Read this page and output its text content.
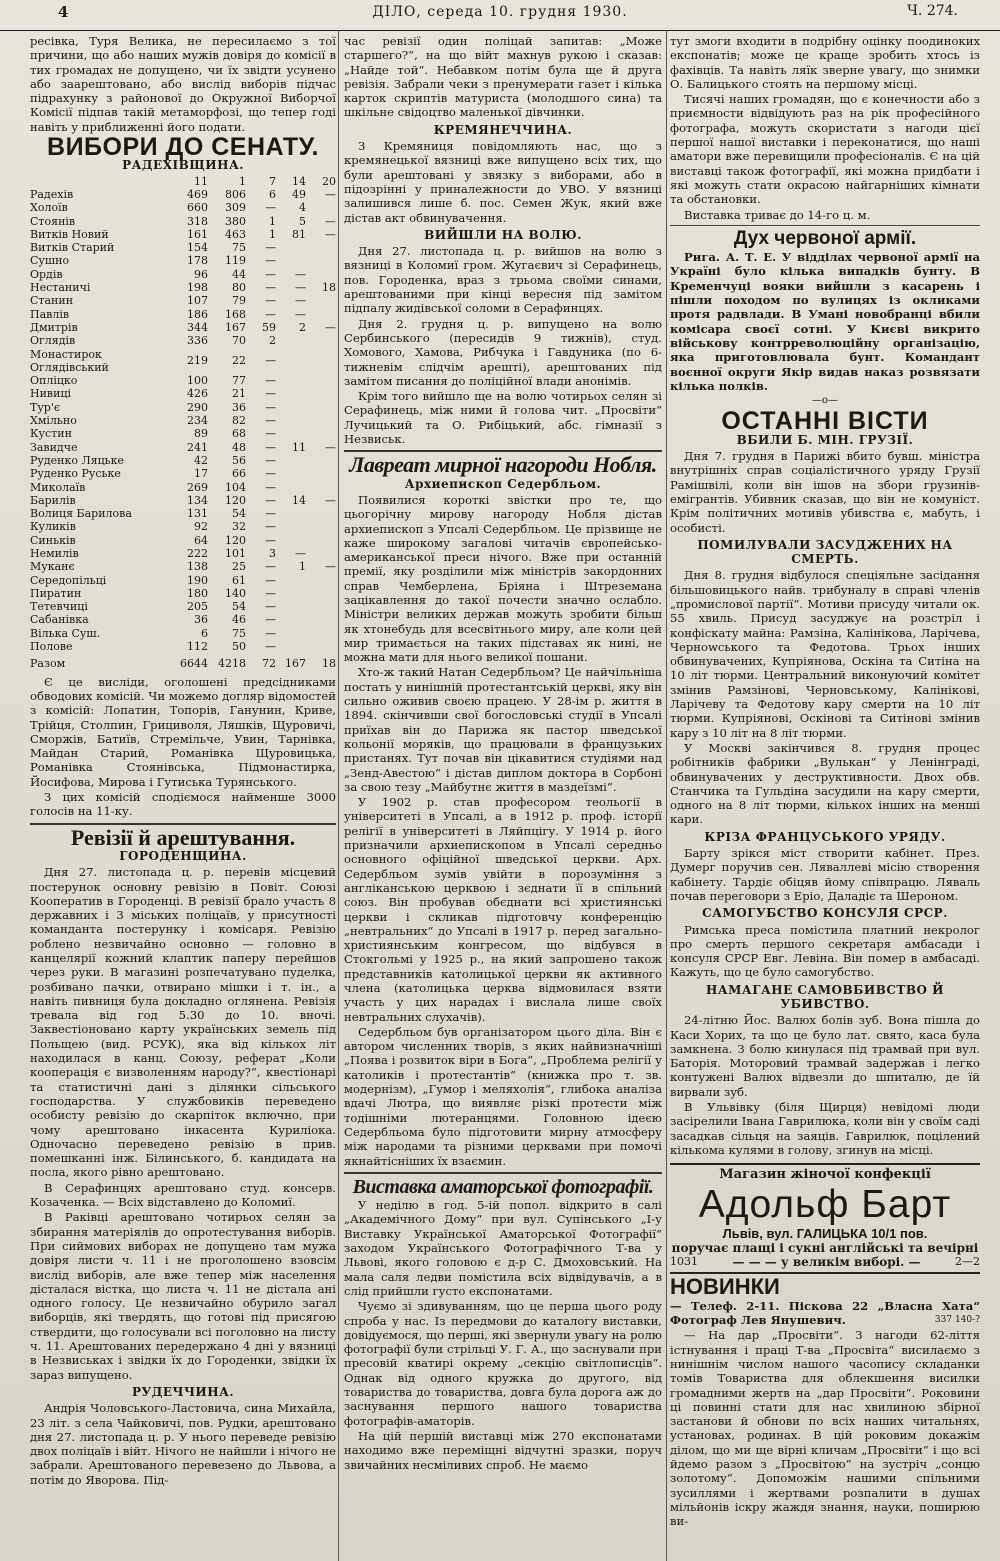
4	ДІЛО, середа 10. грудня 1930.	Ч. 274.

ресівка, Туря Велика, не пересилаємо з тої причини, що або наших мужів довіря до комісії в тих громадах не допущено, чи їх звідти усунено або заарештовано, або вислід виборів підчас підрахунку з районової до Окружної Виборчої Комісії підпав такій метаморфозі, що тепер годі навіть у приближенні його подати.

ВИБОРИ ДО СЕНАТУ.
РАДЕХІВЩИНА.
	11	1	7	14	20
Радехів	469	806	6	49	—
Холоїв	660	309	—	4	
Стоянів	318	380	1	5	—
Витків Новий	161	463	1	81	—
Витків Старий	154	75	—		
Сушно	178	119	—		
Ордів	96	44	—	—	
Нестаничі	198	80	—	—	18
Станин	107	79	—	—	
Павлів	186	168	—	—	
Дмитрів	344	167	59	2	—
Оглядів	336	70	2		
Монастирок Оглядівський	219	22	—		
Опліцко	100	77	—		
Нивиці	426	21	—		
Тур'є	290	36	—		
Хмільно	234	82	—		
Кустин	89	68	—		
Завидче	241	48	—	11	—
Руденко Ляцьке	42	56	—		
Руденко Руське	17	66	—		
Миколаїв	269	104	—		
Барилів	134	120	—	14	—
Волиця Барилова	131	54	—		
Куликів	92	32	—		
Синьків	64	120	—		
Немилів	222	101	3	—	
Муканє	138	25	—	1	—
Середопільці	190	61	—		
Пиратин	180	140	—		
Тетевчиці	205	54	—		
Сабанівка	36	46	—		
Вілька Суш.	6	75	—		
Полове	112	50	—		
Разом	6644	4218	72	167	18

Є це висліди, оголошені предсідниками обводових комісій. Чи можемо догляр відомостей з комісій: Лопатин, Топорів, Ганунин, Криве, Трійця, Столпин, Грициволя, Ляшків, Щуровичі, Сморжів, Батиїв, Стремільче, Увин, Тарнівка, Майдан Старий, Романівка Щуровицька, Романівка Стоянівська, Підмонастирка, Йосифова, Мирова і Гутиська Турянського.

З цих комісій сподіємося найменше 3000 голосів на 11-ку.

Ревізії й арештування.
ГОРОДЕНЩИНА.

Дня 27. листопада ц. р. перевів місцевий постерунок основну ревізію в Повіт. Союзі Кооператив в Городенці. В ревізії брало участь 8 державних і 3 міських поліцаїв, у присутності команданта постерунку і комісаря. Ревізію роблено незвичайно основно — головно в канцелярії кожний клаптик паперу перейшов через руки. В магазині розпечатувано пуделка, розбивано пачки, отвирано мішки і т. ін., а навіть пивниця була докладно оглянена. Ревізія тревала від год 5.30 до 10. вночі. Заквестіоновано карту українських земель під Польщею (вид. РСУК), яка від кількох літ находилася в канц. Союзу, реферат „Коли кооперація є визволенням народу?“, квестіонарі та статистичні дані з ділянки сільського господарства. У службовиків переведено особисту ревізію до скарпіток включно, при чому арештовано інкасента Куриліока. Одночасно переведено ревізію в прив. помешканні інж. Білинського, б. кандидата на посла, якого рівно арештовано.

В Серафинцях арештовано студ. консерв. Козаченка. — Всіх відставлено до Коломиї.

В Раківці арештовано чотирьох селян за збирання матеріялів до опротестування виборів. При сиймових виборах не допущено там мужа довіря листи ч. 11 і не проголошено взовсім вислід виборів, але вже тепер між населення дісталася вістка, що листа ч. 11 не дістала ані одного голосу. Це незвичайно обурило загал виборців, які твердять, що готові під присягою ствердити, що голосували всі поголовно на листу ч. 11. Арештованих передержано 4 дні у вязниці в Незвиськах і звідки їх до Городенки, звідки їх зараз випущено.

РУДЕЧЧИНА.

Андрія Чоловського-Ластовича, сина Михайла, 23 літ. з села Чайковичі, пов. Рудки, арештовано дня 27. листопада ц. р. У нього переведе ревізію двох поліцаїв і війт. Нічого не найшли і нічого не забрали. Арештованого перевезено до Львова, а потім до Яворова. Під-

час ревізії один поліцай запитав: „Може старшего?“, на що війт махнув рукою і сказав: „Найде той“. Небавком потім була ще й друга ревізія. Забрали чеки з пренумерати газет і кілька карток скриптів матуриста (молодшого сина) та шкільне свідоцтво маленької дівчинки.

КРЕМЯНЕЧЧИНА.

З Кремяниця повідомляють нас, що з кремянецької вязниці вже випущено всіх тих, що були арештовані у звязку з виборами, або в підозрінні у приналежности до УВО. У вязниці залишився лише б. пос. Семен Жук, який вже дістав акт обвинувачення.

ВИЙШЛИ НА ВОЛЮ.

Дня 27. листопада ц. р. вийшов на волю з вязниці в Коломиї гром. Жугаєвич зі Серафинець, пов. Городенка, враз з трьома своїми синами, арештованими при кінці вересня під замітом підпалу жидівської соломи в Серафинцях.

Дня 2. грудня ц. р. випущено на волю Сербинського (пересидів 9 тижнів), студ. Хомового, Хамова, Рибчука і Гавдуника (по 6-тижневім слідчім арешті), арештованих під замітом писання до поліційної влади анонімів.

Крім того вийшло ще на волю чотирьох селян зі Серафинець, між ними й голова чит. „Просвіти“ Лучицький та О. Рибіцький, абс. гімназії з Незвиськ.

Лавреат мирної нагороди Нобля.
Архиепископ Седербльом.

Появилися короткі звістки про те, що цьогорічну мирову нагороду Нобля дістав архиепископ з Упсалі Седербльом. Це прізвище не каже широкому загалові читачів європейсько-американської преси нічого. Вже при останній премії, яку розділили між міністрів закордонних справ Чемберлена, Бріяна і Штреземана зацікавлення до такої почести значно ослабло. Міністри великих держав можуть зробити більш як хтонебудь для всесвітнього миру, але коли цей мир тримається на таких підставах як нині, не можна мати для нього великої пошани.

Хто-ж такий Натан Седербльом? Це найчільніша постать у нинішній протестантській церкві, яку він сильно оживив своєю працею. У 28-ім р. життя в 1894. скінчивши свої богословські студії в Упсалі приїхав він до Парижа як пастор шведської кольонії моряків, що працювали в французьких пристанях. Тут почав він цікавитися студіями над „Зенд-Авестою“ і дістав диплом доктора в Сорбоні за свою тезу „Майбутнє життя в маздеїзмі“.

У 1902 р. став професором теольогії в університеті в Упсалі, а в 1912 р. проф. історії релігії в університеті в Ляйпцігу. У 1914 р. його призначили архиепископом в Упсалі середньо основного офіційної шведської церкви. Арх. Седербльом зумів увійти в порозуміння з англіканською церквою і зєднати її в спільний союз. Він пробував обєднати всі християнські церкви і скликав підготовчу конференцію „невтральних“ до Упсалі в 1917 р. перед загально-християнським конгресом, що відбувся в Стокгольмі у 1925 р., на який запрошено також представників католицької церкви як активного члена (католицька церква відмовилася взяти участь у цих нарадах і вислала лише своїх невтральних слухачів).

Седербльом був організатором цього діла. Він є автором численних творів, з яких найвизначніші „Поява і розвиток віри в Бога“, „Проблема релігії у католиків і протестантів“ (книжка про т. зв. модернізм), „Гумор і меляхолія“, глибока аналіза вдачі Лютра, що виявляє різкі протести між тодішніми лютеранцями. Головною ідеєю Седербльома було підготовити мирну атмосферу між народами та різними церквами при помочі якнайтісніших їх взаємин.

Виставка аматорської фотографії.

У неділю в год. 5-ій попол. відкрито в салі „Академічного Дому“ при вул. Супінського „І-у Виставку Української Аматорської Фотографії“ заходом Українського Фотографічного Т-ва у Львові, якого головою є д-р С. Дмоховський. На мала саля ледви помістила всіх відвідувачів, а в слід прийшли густо експонатами.

Чуємо зі здивуванням, що це перша цього роду спроба у нас. Із передмови до каталогу виставки, довідуємося, що перші, які звернули увагу на ролю фотографії були стрільці У. Г. А., що заснували при пресовій кватирі окрему „секцію світлописців“. Однак від одного кружка до другого, від товариства до товариства, довга була дорога аж до заснування першого нашого товариства фотографів-аматорів.

На цій першій виставці між 270 експонатами находимо вже переміщні відчутні зразки, поруч звичайних несміливих спроб. Не маємо

тут змоги входити в подрібну оцінку поодиноких експонатів; може це краще зробить хтось із фахівців. Та навіть ляїк зверне увагу, що знимки О. Балицького стоять на першому місці.

Тисячі наших громадян, що є конечности або з приємности відвідують раз на рік професійного фотографа, можуть скористати з нагоди цієї першої нашої виставки і переконатися, що наші аматори вже перевищили професіоналів. Є на цій виставці також фотографії, які можна придбати і які можуть стати окрасою найгарніших кімнати та обстановки.

Виставка триває до 14-го ц. м.

Дух червоної армії.

Рига. А. Т. Е. У відділах червоної армії на Україні було кілька випадків бунту. В Кременчуці вояки вийшли з касарень і пішли походом по вулицях із окликами протя радвлади. В Умані новобранці вбили комісара своєї сотні. У Києві викрито військову контрреволюційну організацію, яка приготовлювала бунт. Командант воєнної округи Якір видав наказ розвязати кілька полків.

—o—
ОСТАННІ ВІСТИ
ВБИЛИ Б. МІН. ГРУЗІЇ.

Дня 7. грудня в Парижі вбито бувш. міністра внутрішніх справ соціалістичного уряду Грузії Рамішвілі, коли він ішов на збори грузинів-емігрантів. Убивник сказав, що він не комуніст. Крім політичних мотивів убивства є, мабуть, і особисті.

ПОМИЛУВАЛИ ЗАСУДЖЕНИХ НА СМЕРТЬ.

Дня 8. грудня відбулося спеціяльне засідання більшовицького найв. трибуналу в справі членів „промислової партії“. Мотиви присуду читали ок. 55 хвиль. Присуд засуджує на розстріл і конфіскату майна: Рамзіна, Калінікова, Ларічева, Чернowського та Федотова. Трьох інших обвинувачених, Купріянова, Оскіна та Ситіна на 10 літ тюрми. Центральний виконуючий комітет змінив Рамзінові, Черновському, Калінікові, Ларічеву та Федотову кару смерти на 10 літ тюрми. Купріянові, Оскінові та Ситінові змінив кару з 10 літ на 8 літ тюрми.

У Москві закінчився 8. грудня процес робітників фабрики „Вулькан“ у Ленінграді, обвинувачених у деструктивности. Двох обв. Станчика та Гульдіна засудили на кару смерти, одного на 8 літ тюрми, кількох інших на менші кари.

КРІЗА ФРАНЦУСЬКОГО УРЯДУ.

Барту зрікся міст створити кабінет. През. Думерг поручив сен. Ляваллеві місію створення кабінету. Тардіє обіцяв йому співпрацю. Ляваль почав переговори з Еріо, Даладіє та Шероном.

САМОГУБСТВО КОНСУЛЯ СРСР.

Римська преса помістила платний некролог про смерть першого секретаря амбасади і консуля СРСР Евг. Левіна. Він помер в амбасаді. Кажуть, що це було самогубство.

НАМАГАНЕ САМОВБИВСТВО Й УБИВСТВО.

24-літню Йос. Валюх болів зуб. Вона пішла до Каси Хорих, та що це було лат. свято, каса була замкнена. З болю кинулася під трамвай при вул. Баторія. Моторовий трамвай задержав і легко контужені Валюх відвезли до шпиталю, де їй вирвали зуб.

В Ульвівку (біля Щирця) невідомі люди засірелили Івана Гаврилюка, коли він у своїм саді засадкав сільця на заяців. Гаврилюк, поцілений кількома кулями в голову, згинув на місці.

Магазин жіночої конфекції
Адольф Барт
Львів, вул. ГАЛИЦЬКА 10/1 пов.
поручає плащі і сукні англійські та вечірні
1031	— — — у великім виборі. —	2—2
НОВИНКИ

— Телеф. 2-11. Піскова 22 „Власна Хата“ Фотограф Лев Янушевич.	337 140-?

— На дар „Просвіти“. З нагоди 62-ліття істнування і праці Т-ва „Просвіта“ висилаємо з нинішнім числом нашого часопису складанки томів Товариства для облекшення висилки громадними жертв на „дар Просвіти“. Роковини ці повинні стати для нас хвилиною збірної застанови й обнови по всіх наших читальнях, установах, родинах. В цій роковим докажім ділом, що ми ще вірні кличам „Просвіти“ і що всі йдемо разом з „Просвітою“ на зустріч „сонцю золотому“. Допоможім нашими спільними зусиллями і жертвами розпалити в душах мільйонів іскру жаждя знання, науки, поширюю ви-
